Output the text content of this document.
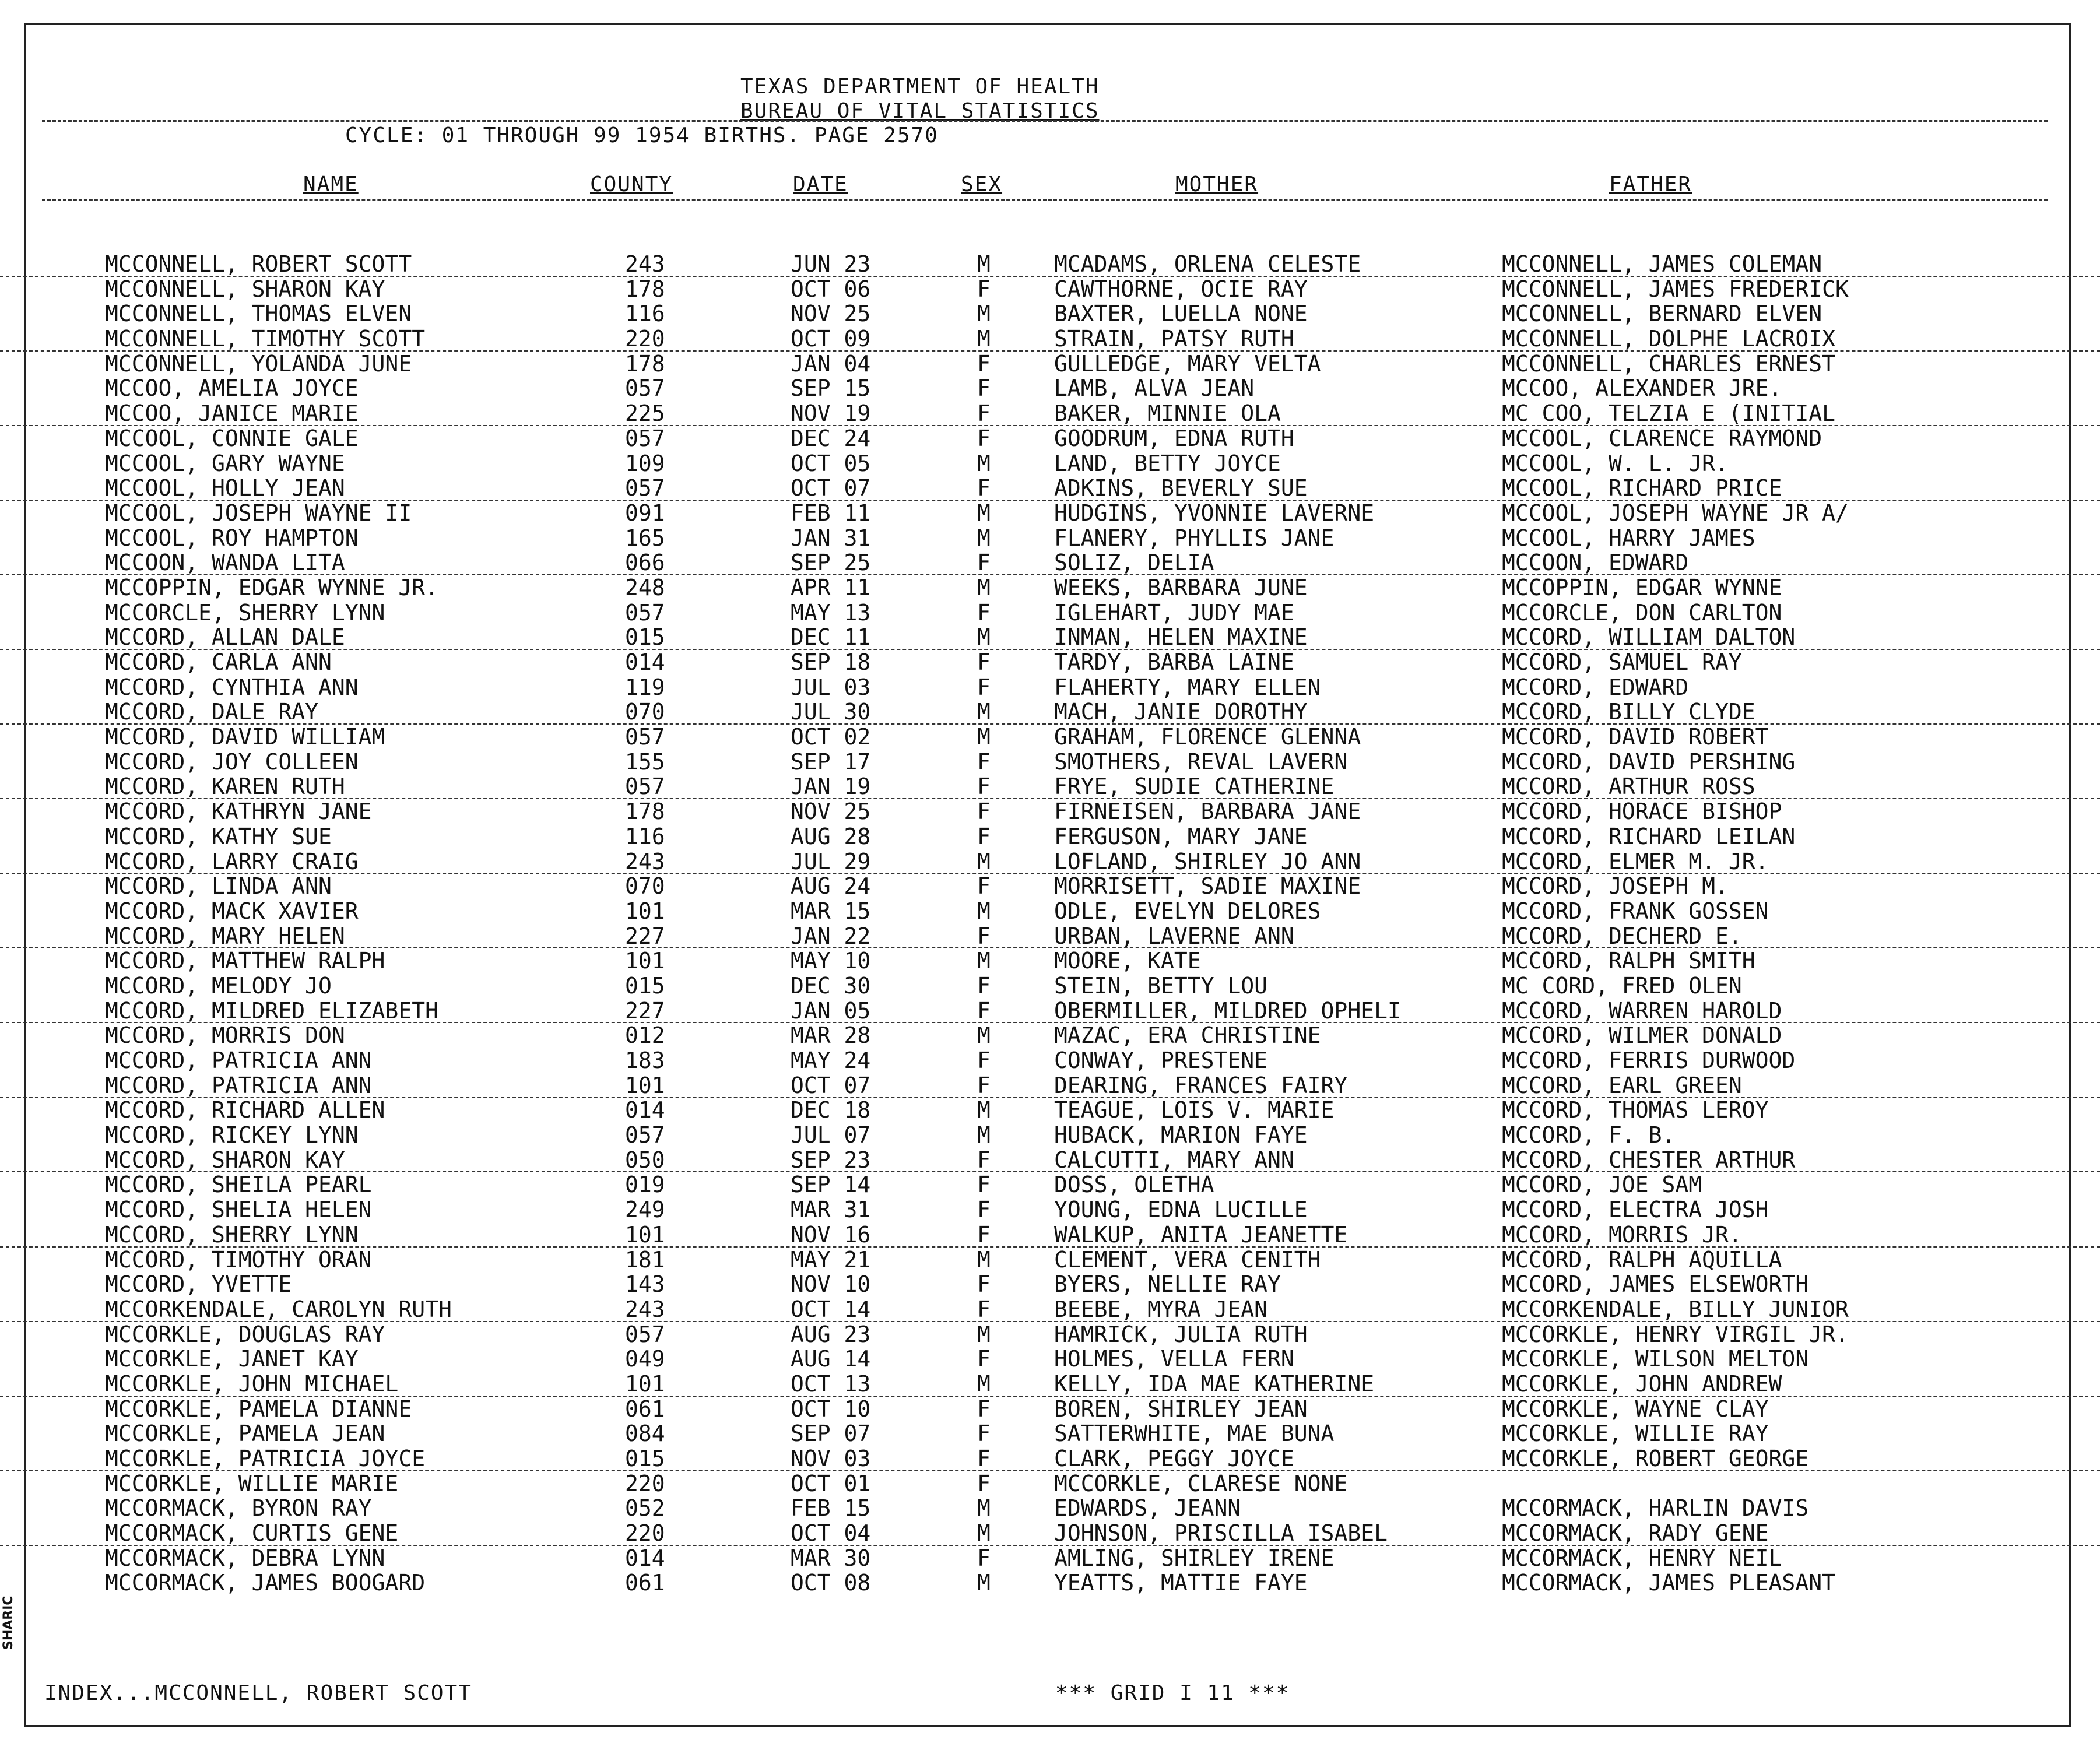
TEXAS DEPARTMENT OF HEALTH
BUREAU OF VITAL STATISTICS
CYCLE: 01 THROUGH 99 1954 BIRTHS. PAGE 2570
NAME	COUNTY	DATE	SEX	MOTHER	FATHER
MCCONNELL, ROBERT SCOTT	243	JUN 23	M	MCADAMS, ORLENA CELESTE	MCCONNELL, JAMES COLEMAN
MCCONNELL, SHARON KAY	178	OCT 06	F	CAWTHORNE, OCIE RAY	MCCONNELL, JAMES FREDERICK
MCCONNELL, THOMAS ELVEN	116	NOV 25	M	BAXTER, LUELLA NONE	MCCONNELL, BERNARD ELVEN
MCCONNELL, TIMOTHY SCOTT	220	OCT 09	M	STRAIN, PATSY RUTH	MCCONNELL, DOLPHE LACROIX
MCCONNELL, YOLANDA JUNE	178	JAN 04	F	GULLEDGE, MARY VELTA	MCCONNELL, CHARLES ERNEST
MCCOO, AMELIA JOYCE	057	SEP 15	F	LAMB, ALVA JEAN	MCCOO, ALEXANDER JRE.
MCCOO, JANICE MARIE	225	NOV 19	F	BAKER, MINNIE OLA	MC COO, TELZIA E (INITIAL
MCCOOL, CONNIE GALE	057	DEC 24	F	GOODRUM, EDNA RUTH	MCCOOL, CLARENCE RAYMOND
MCCOOL, GARY WAYNE	109	OCT 05	M	LAND, BETTY JOYCE	MCCOOL, W. L. JR.
MCCOOL, HOLLY JEAN	057	OCT 07	F	ADKINS, BEVERLY SUE	MCCOOL, RICHARD PRICE
MCCOOL, JOSEPH WAYNE II	091	FEB 11	M	HUDGINS, YVONNIE LAVERNE	MCCOOL, JOSEPH WAYNE JR A/
MCCOOL, ROY HAMPTON	165	JAN 31	M	FLANERY, PHYLLIS JANE	MCCOOL, HARRY JAMES
MCCOON, WANDA LITA	066	SEP 25	F	SOLIZ, DELIA	MCCOON, EDWARD
MCCOPPIN, EDGAR WYNNE JR.	248	APR 11	M	WEEKS, BARBARA JUNE	MCCOPPIN, EDGAR WYNNE
MCCORCLE, SHERRY LYNN	057	MAY 13	F	IGLEHART, JUDY MAE	MCCORCLE, DON CARLTON
MCCORD, ALLAN DALE	015	DEC 11	M	INMAN, HELEN MAXINE	MCCORD, WILLIAM DALTON
MCCORD, CARLA ANN	014	SEP 18	F	TARDY, BARBA LAINE	MCCORD, SAMUEL RAY
MCCORD, CYNTHIA ANN	119	JUL 03	F	FLAHERTY, MARY ELLEN	MCCORD, EDWARD
MCCORD, DALE RAY	070	JUL 30	M	MACH, JANIE DOROTHY	MCCORD, BILLY CLYDE
MCCORD, DAVID WILLIAM	057	OCT 02	M	GRAHAM, FLORENCE GLENNA	MCCORD, DAVID ROBERT
MCCORD, JOY COLLEEN	155	SEP 17	F	SMOTHERS, REVAL LAVERN	MCCORD, DAVID PERSHING
MCCORD, KAREN RUTH	057	JAN 19	F	FRYE, SUDIE CATHERINE	MCCORD, ARTHUR ROSS
MCCORD, KATHRYN JANE	178	NOV 25	F	FIRNEISEN, BARBARA JANE	MCCORD, HORACE BISHOP
MCCORD, KATHY SUE	116	AUG 28	F	FERGUSON, MARY JANE	MCCORD, RICHARD LEILAN
MCCORD, LARRY CRAIG	243	JUL 29	M	LOFLAND, SHIRLEY JO ANN	MCCORD, ELMER M. JR.
MCCORD, LINDA ANN	070	AUG 24	F	MORRISETT, SADIE MAXINE	MCCORD, JOSEPH M.
MCCORD, MACK XAVIER	101	MAR 15	M	ODLE, EVELYN DELORES	MCCORD, FRANK GOSSEN
MCCORD, MARY HELEN	227	JAN 22	F	URBAN, LAVERNE ANN	MCCORD, DECHERD E.
MCCORD, MATTHEW RALPH	101	MAY 10	M	MOORE, KATE	MCCORD, RALPH SMITH
MCCORD, MELODY JO	015	DEC 30	F	STEIN, BETTY LOU	MC CORD, FRED OLEN
MCCORD, MILDRED ELIZABETH	227	JAN 05	F	OBERMILLER, MILDRED OPHELI	MCCORD, WARREN HAROLD
MCCORD, MORRIS DON	012	MAR 28	M	MAZAC, ERA CHRISTINE	MCCORD, WILMER DONALD
MCCORD, PATRICIA ANN	183	MAY 24	F	CONWAY, PRESTENE	MCCORD, FERRIS DURWOOD
MCCORD, PATRICIA ANN	101	OCT 07	F	DEARING, FRANCES FAIRY	MCCORD, EARL GREEN
MCCORD, RICHARD ALLEN	014	DEC 18	M	TEAGUE, LOIS V. MARIE	MCCORD, THOMAS LEROY
MCCORD, RICKEY LYNN	057	JUL 07	M	HUBACK, MARION FAYE	MCCORD, F. B.
MCCORD, SHARON KAY	050	SEP 23	F	CALCUTTI, MARY ANN	MCCORD, CHESTER ARTHUR
MCCORD, SHEILA PEARL	019	SEP 14	F	DOSS, OLETHA	MCCORD, JOE SAM
MCCORD, SHELIA HELEN	249	MAR 31	F	YOUNG, EDNA LUCILLE	MCCORD, ELECTRA JOSH
MCCORD, SHERRY LYNN	101	NOV 16	F	WALKUP, ANITA JEANETTE	MCCORD, MORRIS JR.
MCCORD, TIMOTHY ORAN	181	MAY 21	M	CLEMENT, VERA CENITH	MCCORD, RALPH AQUILLA
MCCORD, YVETTE	143	NOV 10	F	BYERS, NELLIE RAY	MCCORD, JAMES ELSEWORTH
MCCORKENDALE, CAROLYN RUTH	243	OCT 14	F	BEEBE, MYRA JEAN	MCCORKENDALE, BILLY JUNIOR
MCCORKLE, DOUGLAS RAY	057	AUG 23	M	HAMRICK, JULIA RUTH	MCCORKLE, HENRY VIRGIL JR.
MCCORKLE, JANET KAY	049	AUG 14	F	HOLMES, VELLA FERN	MCCORKLE, WILSON MELTON
MCCORKLE, JOHN MICHAEL	101	OCT 13	M	KELLY, IDA MAE KATHERINE	MCCORKLE, JOHN ANDREW
MCCORKLE, PAMELA DIANNE	061	OCT 10	F	BOREN, SHIRLEY JEAN	MCCORKLE, WAYNE CLAY
MCCORKLE, PAMELA JEAN	084	SEP 07	F	SATTERWHITE, MAE BUNA	MCCORKLE, WILLIE RAY
MCCORKLE, PATRICIA JOYCE	015	NOV 03	F	CLARK, PEGGY JOYCE	MCCORKLE, ROBERT GEORGE
MCCORKLE, WILLIE MARIE	220	OCT 01	F	MCCORKLE, CLARESE NONE
MCCORMACK, BYRON RAY	052	FEB 15	M	EDWARDS, JEANN	MCCORMACK, HARLIN DAVIS
MCCORMACK, CURTIS GENE	220	OCT 04	M	JOHNSON, PRISCILLA ISABEL	MCCORMACK, RADY GENE
MCCORMACK, DEBRA LYNN	014	MAR 30	F	AMLING, SHIRLEY IRENE	MCCORMACK, HENRY NEIL
MCCORMACK, JAMES BOOGARD	061	OCT 08	M	YEATTS, MATTIE FAYE	MCCORMACK, JAMES PLEASANT
INDEX...MCCONNELL, ROBERT SCOTT	*** GRID I 11 ***
SHARIC
